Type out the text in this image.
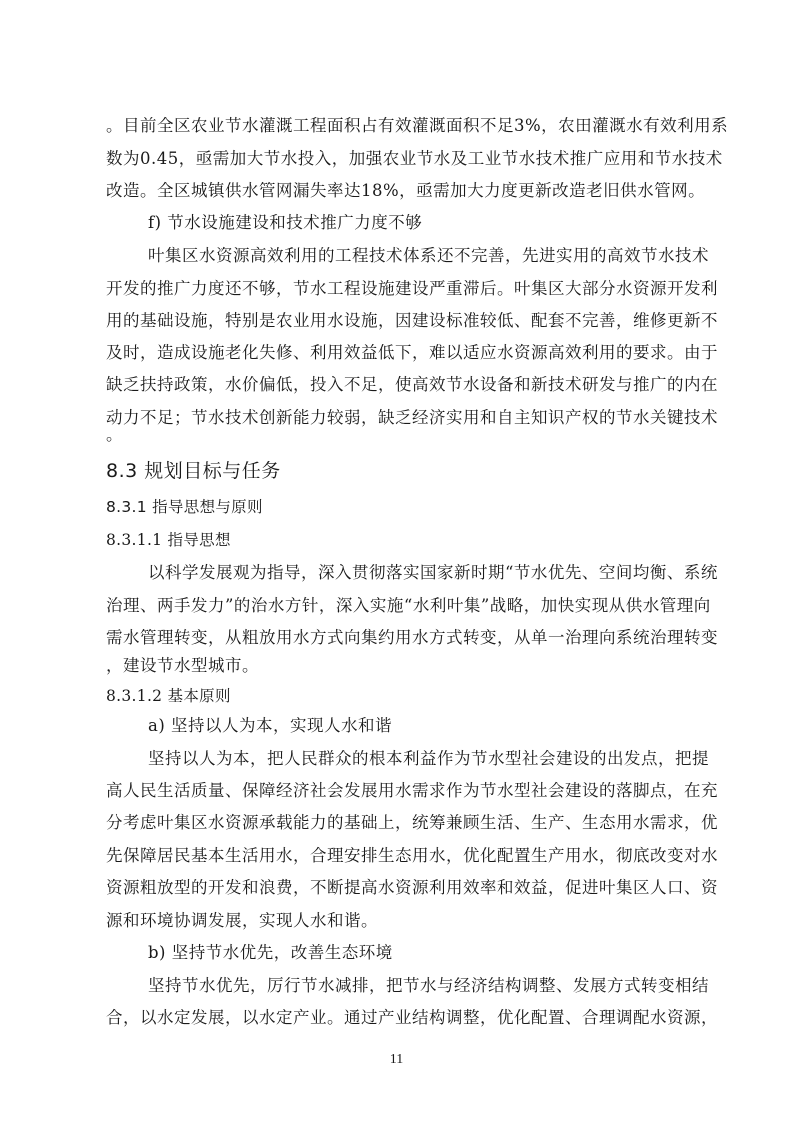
。目前全区农业节水灌溉工程面积占有效灌溉面积不足3%，农田灌溉水有效利用系
数为0.45，亟需加大节水投入，加强农业节水及工业节水技术推广应用和节水技术
改造。全区城镇供水管网漏失率达18%，亟需加大力度更新改造老旧供水管网。
f) 节水设施建设和技术推广力度不够
叶集区水资源高效利用的工程技术体系还不完善，先进实用的高效节水技术
开发的推广力度还不够，节水工程设施建设严重滞后。叶集区大部分水资源开发利
用的基础设施，特别是农业用水设施，因建设标准较低、配套不完善，维修更新不
及时，造成设施老化失修、利用效益低下，难以适应水资源高效利用的要求。由于
缺乏扶持政策，水价偏低，投入不足，使高效节水设备和新技术研发与推广的内在
动力不足；节水技术创新能力较弱，缺乏经济实用和自主知识产权的节水关键技术
。
8.3 规划目标与任务
8.3.1 指导思想与原则
8.3.1.1 指导思想
以科学发展观为指导，深入贯彻落实国家新时期“节水优先、空间均衡、系统
治理、两手发力”的治水方针，深入实施“水利叶集”战略，加快实现从供水管理向
需水管理转变，从粗放用水方式向集约用水方式转变，从单一治理向系统治理转变
，建设节水型城市。
8.3.1.2 基本原则
a) 坚持以人为本，实现人水和谐
坚持以人为本，把人民群众的根本利益作为节水型社会建设的出发点，把提
高人民生活质量、保障经济社会发展用水需求作为节水型社会建设的落脚点，在充
分考虑叶集区水资源承载能力的基础上，统筹兼顾生活、生产、生态用水需求，优
先保障居民基本生活用水，合理安排生态用水，优化配置生产用水，彻底改变对水
资源粗放型的开发和浪费，不断提高水资源利用效率和效益，促进叶集区人口、资
源和环境协调发展，实现人水和谐。
b) 坚持节水优先，改善生态环境
坚持节水优先，厉行节水减排，把节水与经济结构调整、发展方式转变相结
合，以水定发展，以水定产业。通过产业结构调整，优化配置、合理调配水资源，
11
